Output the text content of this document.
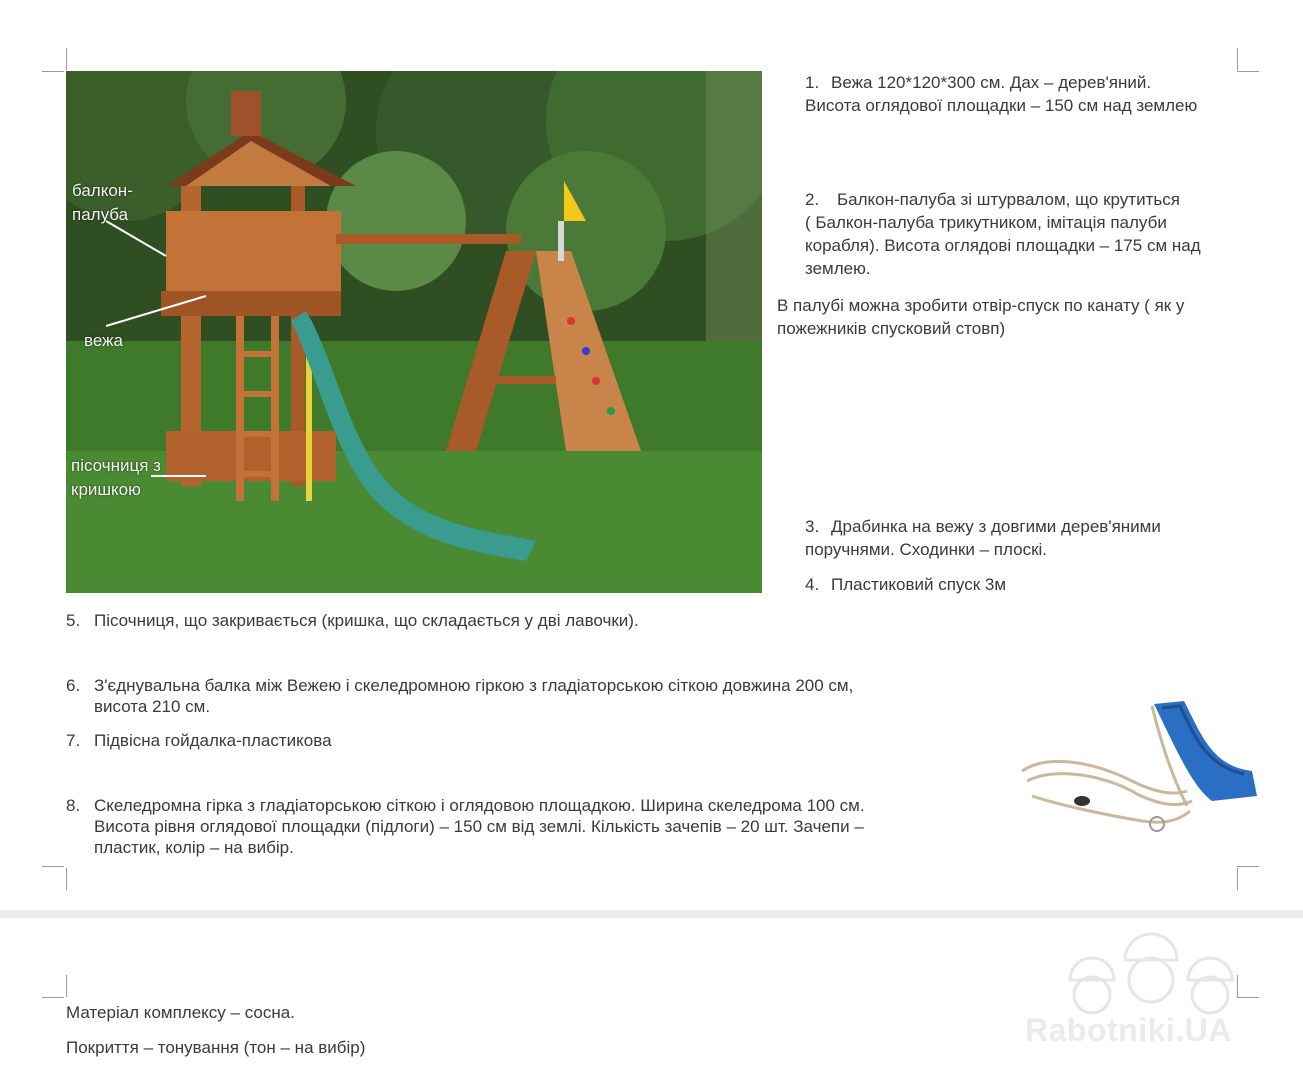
балкон-
палуба
вежа
пісочниця з
кришкою
1. Вежа 120*120*300 см. Дах – дерев'яний.
Висота оглядової площадки – 150 см над землею
2. Балкон-палуба зі штурвалом, що крутиться
( Балкон-палуба трикутником, імітація палуби корабля). Висота оглядові площадки – 175 см над землею.
В палубі можна зробити отвір-спуск по канату ( як у пожежників спусковий стовп)
3. Драбинка на вежу з довгими дерев'яними
поручнями. Сходинки – плоскі.
4. Пластиковий спуск 3м
5. Пісочниця, що закривається (кришка, що складається у дві лавочки).
6. З'єднувальна балка між Вежею і скеледромною гіркою з гладіаторською сіткою довжина 200 см,
висота 210 см.
7. Підвісна гойдалка-пластикова
8. Скеледромна гірка з гладіаторською сіткою і оглядовою площадкою. Ширина скеледрома 100 см.
Висота рівня оглядової площадки (підлоги) – 150 см від землі. Кількість зачепів – 20 шт. Зачепи –
пластик, колір – на вибір.
Матеріал комплексу – сосна.
Покриття – тонування (тон – на вибір)	Rabotniki.UA
